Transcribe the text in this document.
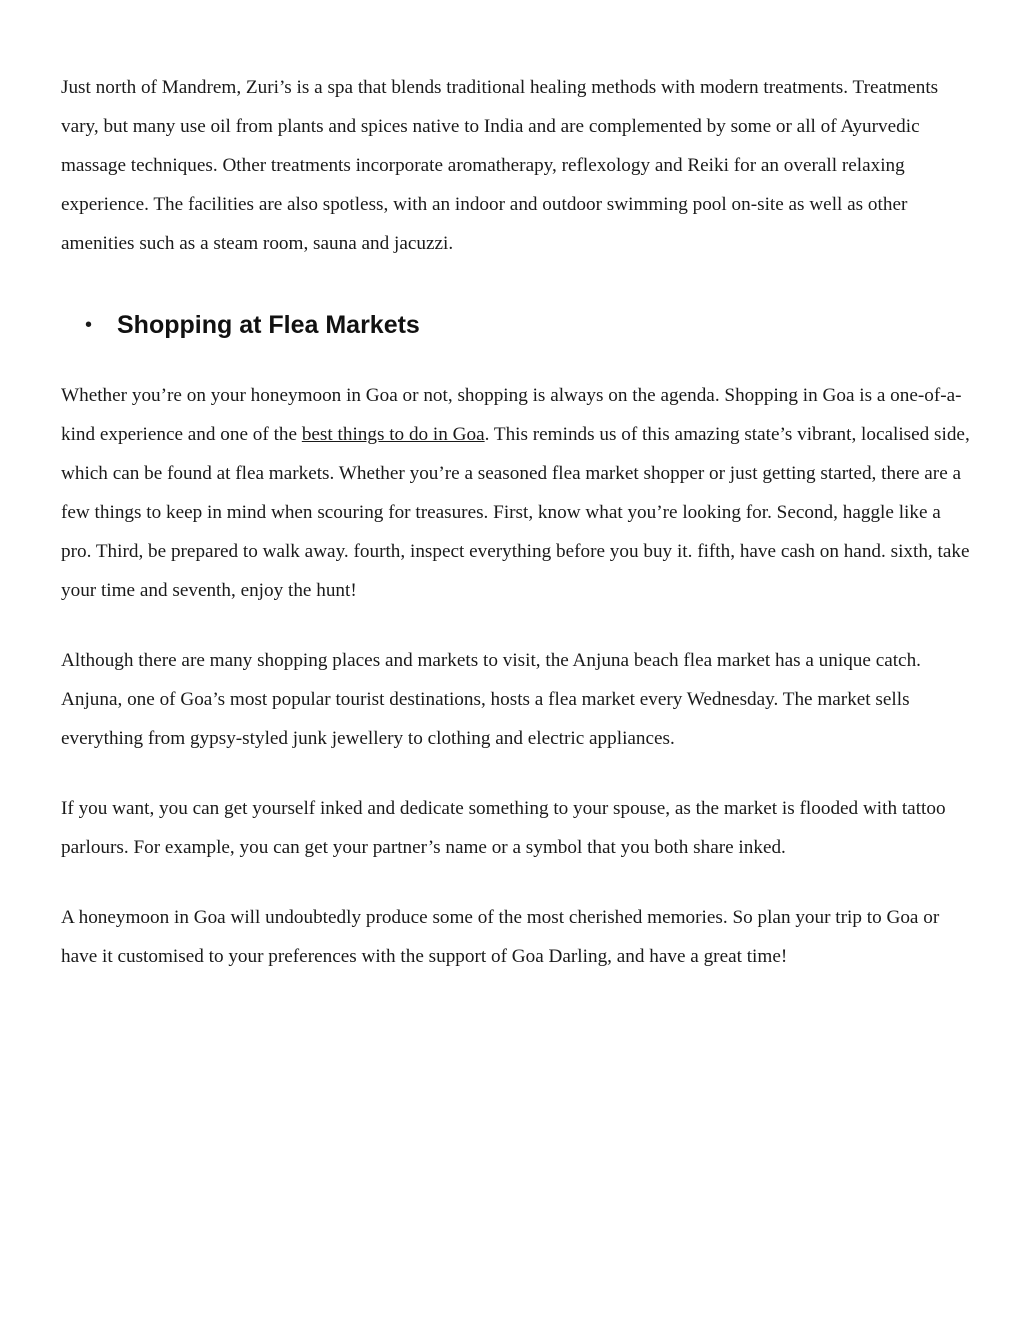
Just north of Mandrem, Zuri’s is a spa that blends traditional healing methods with modern treatments. Treatments vary, but many use oil from plants and spices native to India and are complemented by some or all of Ayurvedic massage techniques. Other treatments incorporate aromatherapy, reflexology and Reiki for an overall relaxing experience. The facilities are also spotless, with an indoor and outdoor swimming pool on-site as well as other amenities such as a steam room, sauna and jacuzzi.

• Shopping at Flea Markets

Whether you’re on your honeymoon in Goa or not, shopping is always on the agenda. Shopping in Goa is a one-of-a-kind experience and one of the best things to do in Goa. This reminds us of this amazing state’s vibrant, localised side, which can be found at flea markets. Whether you’re a seasoned flea market shopper or just getting started, there are a few things to keep in mind when scouring for treasures. First, know what you’re looking for. Second, haggle like a pro. Third, be prepared to walk away. fourth, inspect everything before you buy it. fifth, have cash on hand. sixth, take your time and seventh, enjoy the hunt!

Although there are many shopping places and markets to visit, the Anjuna beach flea market has a unique catch. Anjuna, one of Goa’s most popular tourist destinations, hosts a flea market every Wednesday. The market sells everything from gypsy-styled junk jewellery to clothing and electric appliances.

If you want, you can get yourself inked and dedicate something to your spouse, as the market is flooded with tattoo parlours. For example, you can get your partner’s name or a symbol that you both share inked.

A honeymoon in Goa will undoubtedly produce some of the most cherished memories. So plan your trip to Goa or have it customised to your preferences with the support of Goa Darling, and have a great time!
